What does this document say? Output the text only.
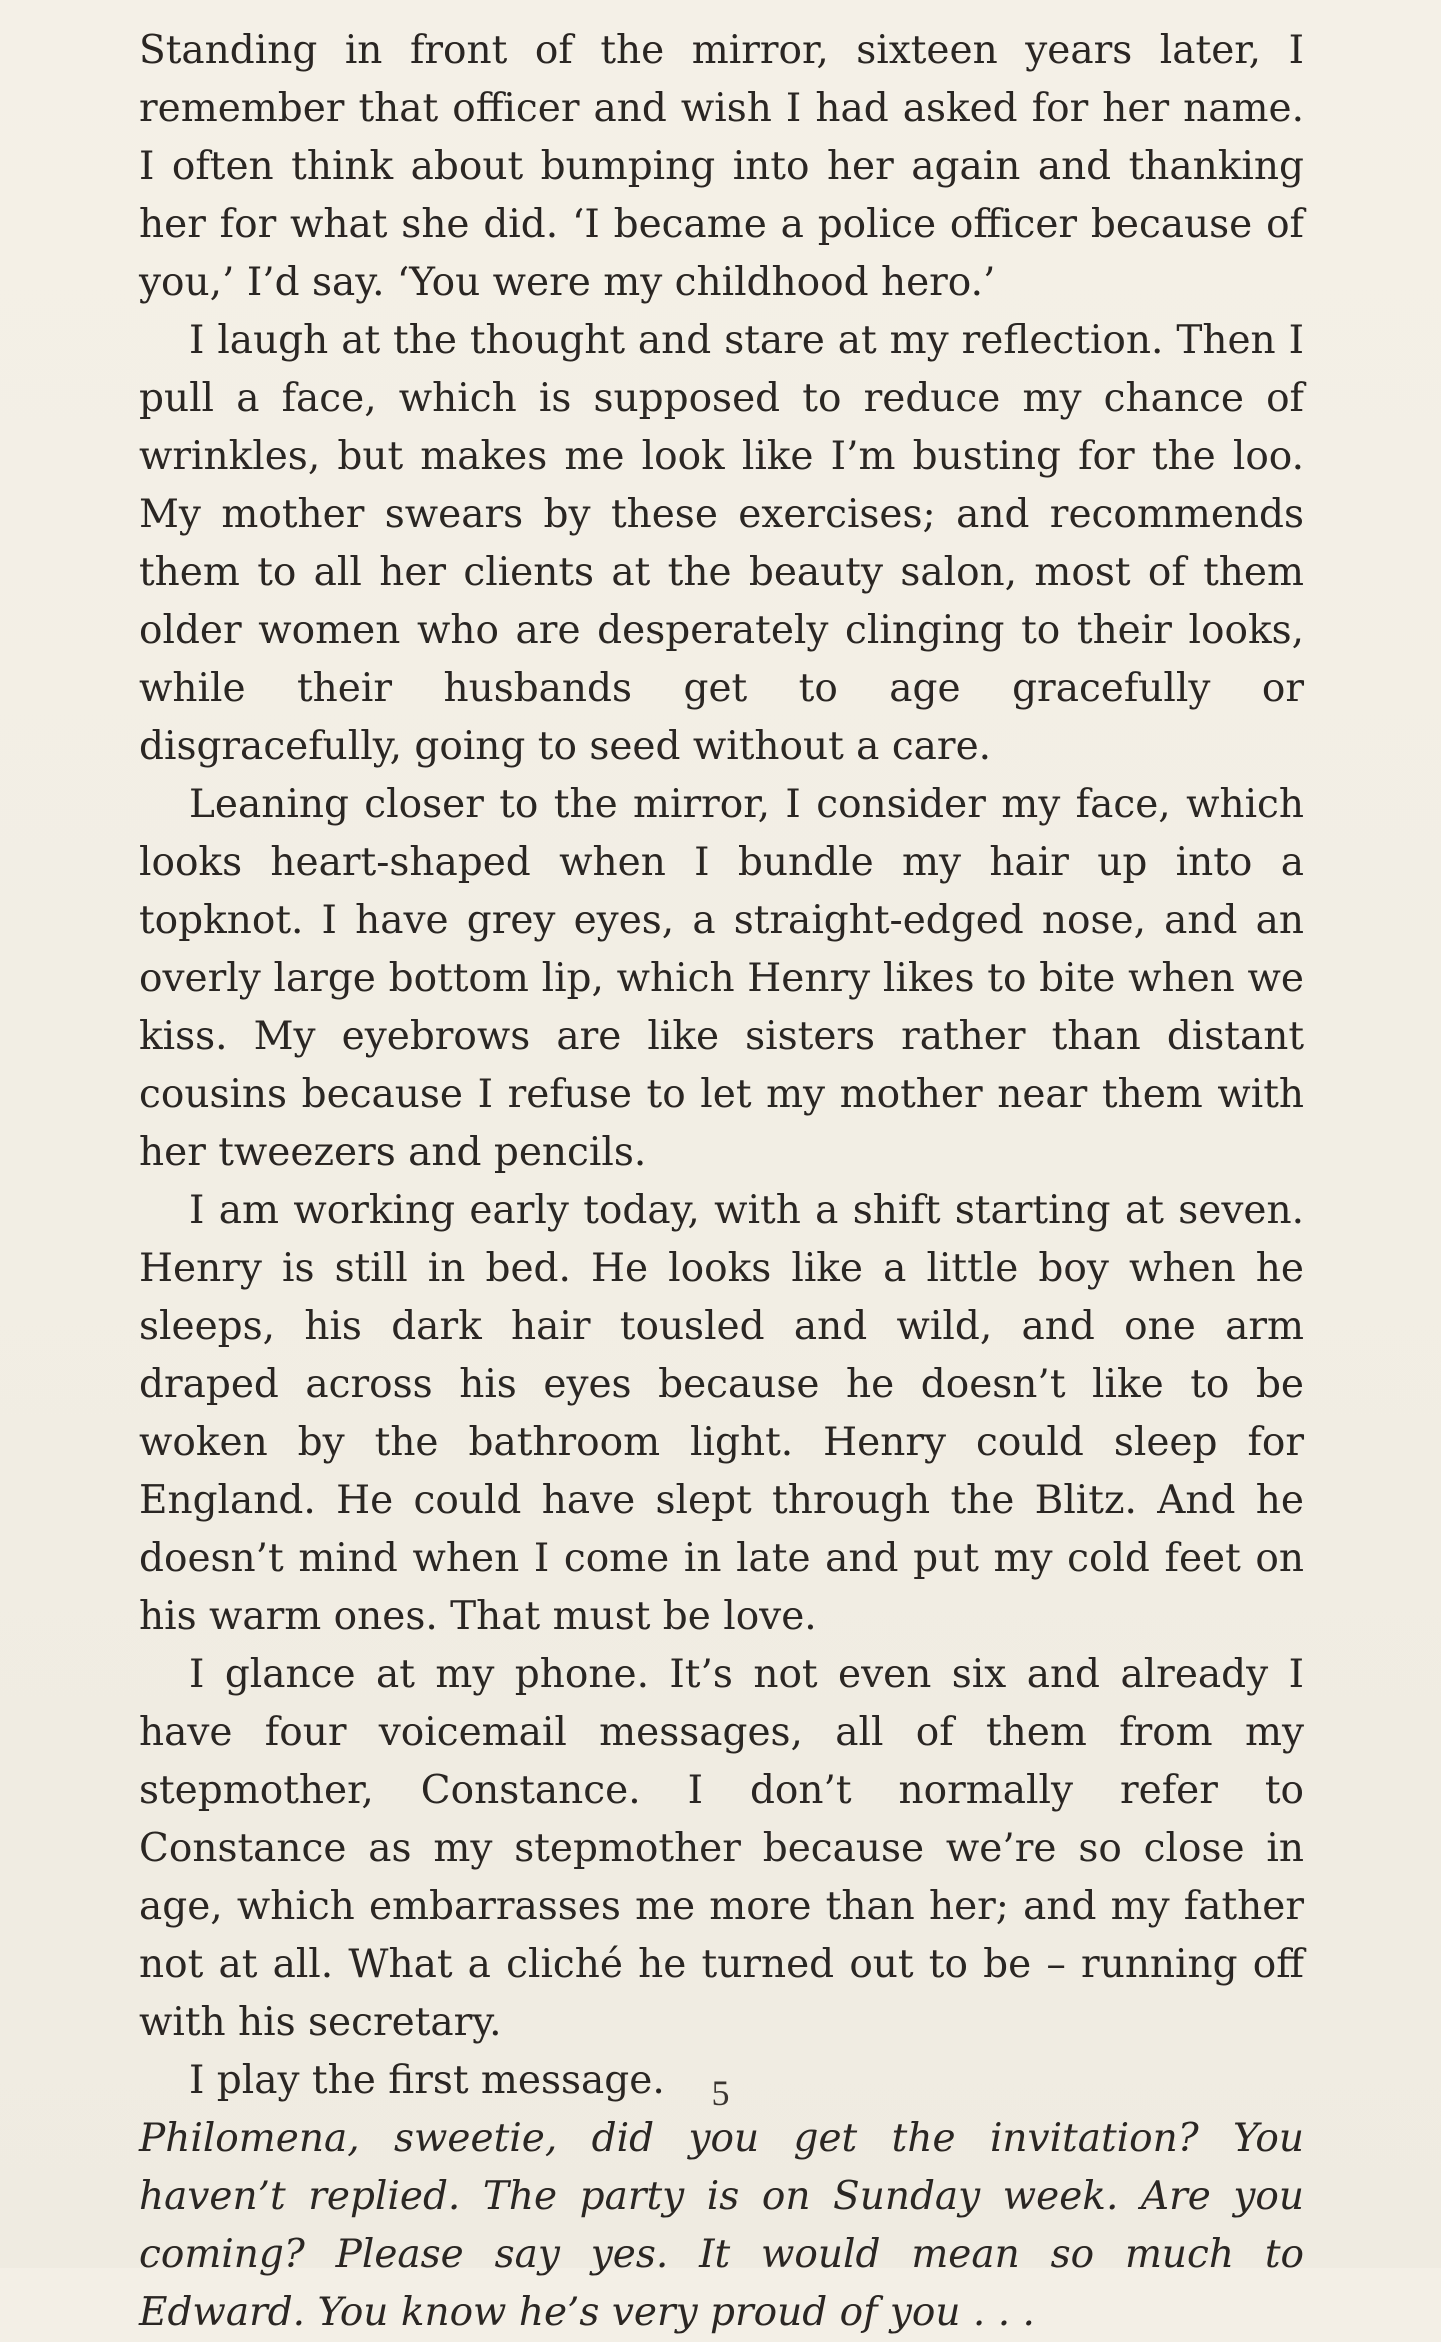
Standing in front of the mirror, sixteen years later, I remember that officer and wish I had asked for her name. I often think about bumping into her again and thanking her for what she did. ‘I became a police officer because of you,’ I’d say. ‘You were my childhood hero.’

I laugh at the thought and stare at my reflection. Then I pull a face, which is supposed to reduce my chance of wrinkles, but makes me look like I’m busting for the loo. My mother swears by these exercises; and recommends them to all her clients at the beauty salon, most of them older women who are desperately clinging to their looks, while their husbands get to age gracefully or disgracefully, going to seed without a care.

Leaning closer to the mirror, I consider my face, which looks heart-shaped when I bundle my hair up into a topknot. I have grey eyes, a straight-edged nose, and an overly large bottom lip, which Henry likes to bite when we kiss. My eyebrows are like sisters rather than distant cousins because I refuse to let my mother near them with her tweezers and pencils.

I am working early today, with a shift starting at seven. Henry is still in bed. He looks like a little boy when he sleeps, his dark hair tousled and wild, and one arm draped across his eyes because he doesn’t like to be woken by the bathroom light. Henry could sleep for England. He could have slept through the Blitz. And he doesn’t mind when I come in late and put my cold feet on his warm ones. That must be love.

I glance at my phone. It’s not even six and already I have four voicemail messages, all of them from my stepmother, Constance. I don’t normally refer to Constance as my stepmother because we’re so close in age, which embarrasses me more than her; and my father not at all. What a cliché he turned out to be – running off with his secretary.

I play the first message.

Philomena, sweetie, did you get the invitation? You haven’t replied. The party is on Sunday week. Are you coming? Please say yes. It would mean so much to Edward. You know he’s very proud of you . . .

5
